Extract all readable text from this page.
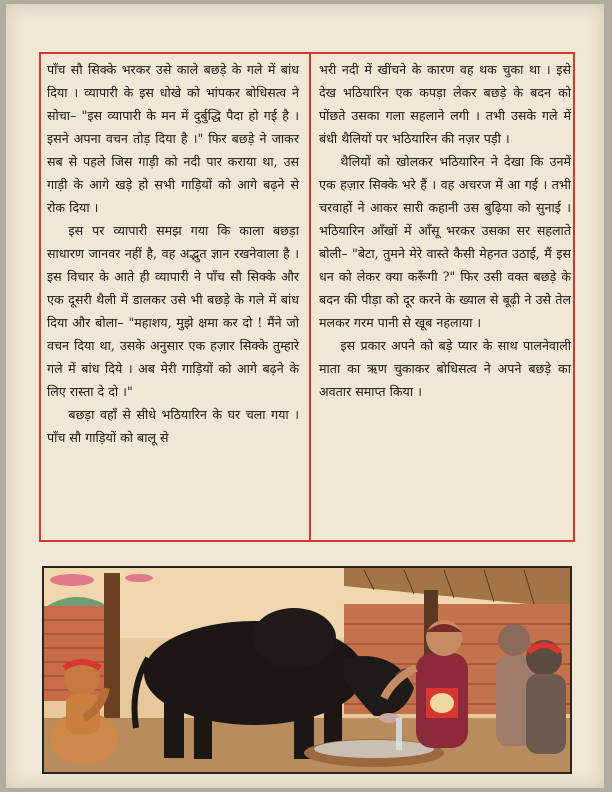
पाँच सौ सिक्के भरकर उसे काले बछड़े के गले में बांध दिया । व्यापारी के इस धोखे को भांपकर बोधिसत्व ने सोचा– "इस व्यापारी के मन में दुर्बुद्धि पैदा हो गई है । इसने अपना वचन तोड़ दिया है ।" फिर बछड़े ने जाकर सब से पहले जिस गाड़ी को नदी पार कराया था, उस गाड़ी के आगे खड़े हो सभी गाड़ियों को आगे बढ़ने से रोक दिया ।

इस पर व्यापारी समझ गया कि काला बछड़ा साधारण जानवर नहीं है, वह अद्भुत ज्ञान रखनेवाला है । इस विचार के आते ही व्यापारी ने पाँच सौ सिक्के और एक दूसरी थैली में डालकर उसे भी बछड़े के गले में बांध दिया और बोला– "महाशय, मुझे क्षमा कर दो ! मैंने जो वचन दिया था, उसके अनुसार एक हज़ार सिक्के तुम्हारे गले में बांध दिये । अब मेरी गाड़ियों को आगे बढ़ने के लिए रास्ता दे दो ।"

बछड़ा वहाँ से सीधे भठियारिन के घर चला गया । पाँच सौ गाड़ियों को बालू से

भरी नदी में खींचने के कारण वह थक चुका था । इसे देख भठियारिन एक कपड़ा लेकर बछड़े के बदन को पोंछते उसका गला सहलाने लगी । तभी उसके गले में बंधी थैलियों पर भठियारिन की नज़र पड़ी ।

थैलियों को खोलकर भठियारिन ने देखा कि उनमें एक हज़ार सिक्के भरे हैं । वह अचरज में आ गई । तभी चरवाहों ने आकर सारी कहानी उस बुढ़िया को सुनाई । भठियारिन आँखों में आँसू भरकर उसका सर सहलाते बोली– "बेटा, तुमने मेरे वास्ते कैसी मेहनत उठाई, मैं इस धन को लेकर क्या करूँगी ?" फिर उसी वक्त बछड़े के बदन की पीड़ा को दूर करने के ख्याल से बूढ़ी ने उसे तेल मलकर गरम पानी से खूब नहलाया ।

इस प्रकार अपने को बड़े प्यार के साथ पालनेवाली माता का ऋण चुकाकर बोधिसत्व ने अपने बछड़े का अवतार समाप्त किया ।
